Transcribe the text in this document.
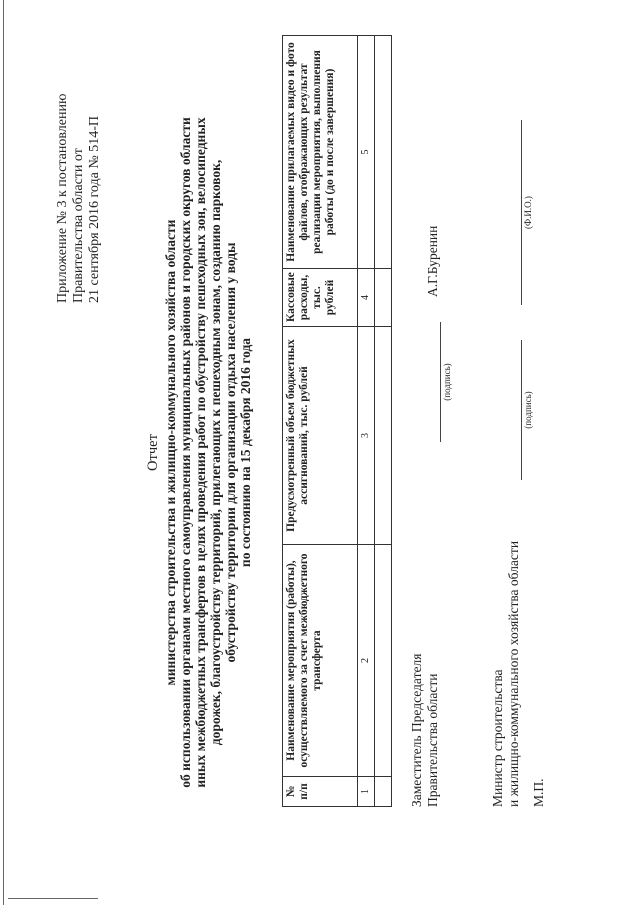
Приложение № 3 к постановлению Правительства области от 21 сентября 2016 года № 514-П
Отчет министерства строительства и жилищно-коммунального хозяйства области об использовании органами местного самоуправления муниципальных районов и городских округов области иных межбюджетных трансфертов в целях проведения работ по обустройству пешеходных зон, велосипедных дорожек, благоустройству территорий, прилегающих к пешеходным зонам, созданию парковок, обустройству территории для организации отдыха населения у воды по состоянию на 15 декабря 2016 года
№ п/п	Наименование мероприятия (работы), осуществляемого за счет межбюджетного трансферта	Предусмотренный объем бюджетных ассигнований, тыс. рублей	Кассовые расходы, тыс. рублей	Наименование прилагаемых видео и фото файлов, отображающих результат реализации мероприятия, выполнения работы (до и после завершения)
1	2	3	4	5

Заместитель Председателя Правительства области
(подпись)
А.Г.Буренин
Министр строительства и жилищно-коммунального хозяйства области
(подпись)
(Ф.И.О.)
М.П.
